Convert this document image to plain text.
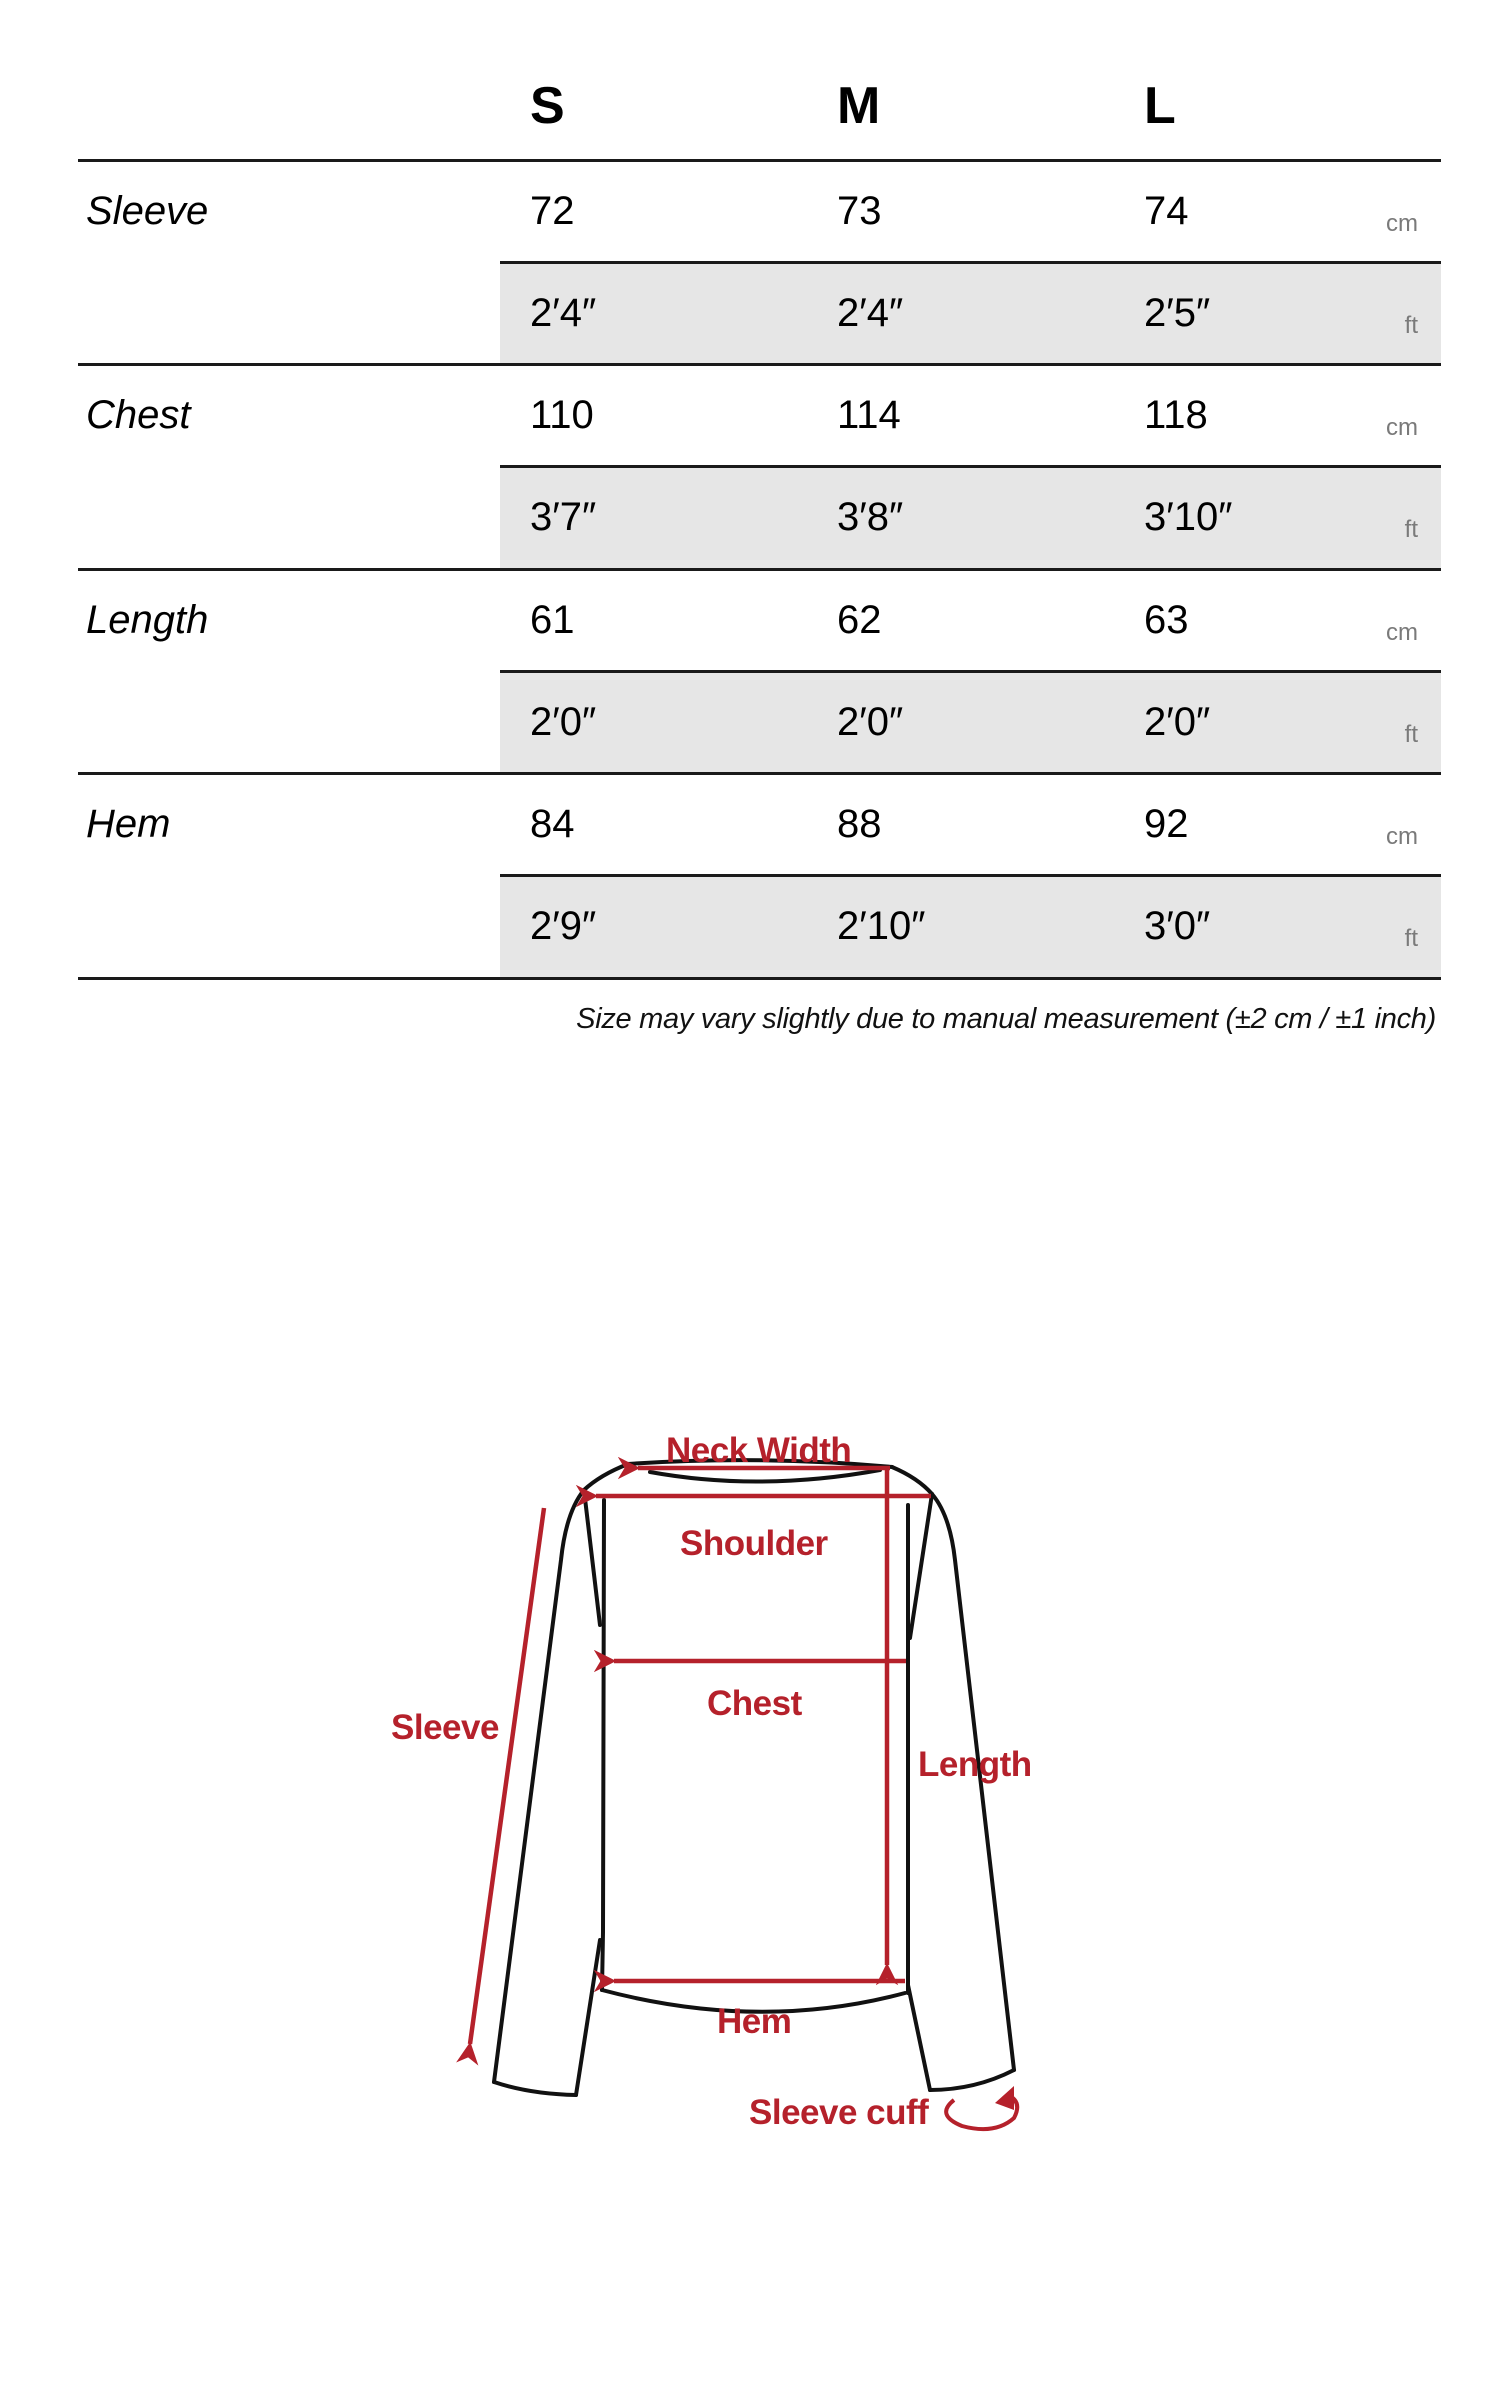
S	M	L
Sleeve	72	73	74	cm
2′4″	2′4″	2′5″	ft
Chest	110	114	118	cm
3′7″	3′8″	3′10″	ft
Length	61	62	63	cm
2′0″	2′0″	2′0″	ft
Hem	84	88	92	cm
2′9″	2′10″	3′0″	ft
Size may vary slightly due to manual measurement (±2 cm / ±1 inch)
Neck Width
Shoulder
Chest
Sleeve
Length
Hem
Sleeve cuff
